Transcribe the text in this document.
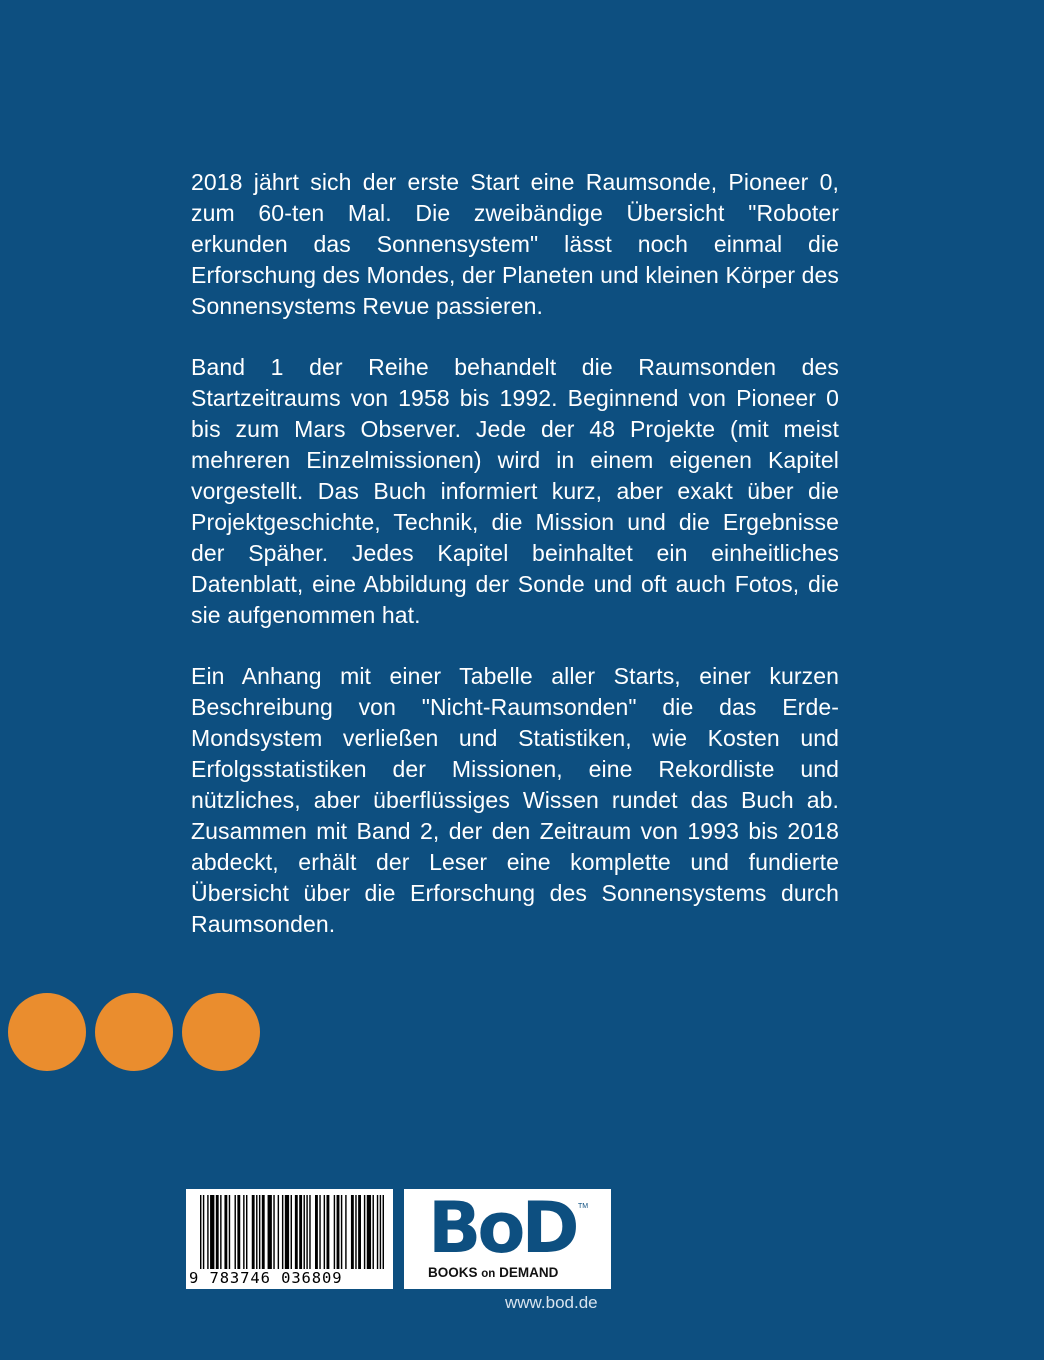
2018 jährt sich der erste Start eine Raumsonde, Pioneer 0, zum 60-ten Mal. Die zweibändige Übersicht "Roboter erkunden das Sonnensystem" lässt noch einmal die Erforschung des Mondes, der Planeten und kleinen Körper des Sonnensystems Revue passieren.

Band 1 der Reihe behandelt die Raumsonden des Startzeitraums von 1958 bis 1992. Beginnend von Pioneer 0 bis zum Mars Observer. Jede der 48 Projekte (mit meist mehreren Einzelmissionen) wird in einem eigenen Kapitel vorgestellt. Das Buch informiert kurz, aber exakt über die Projektgeschichte, Technik, die Mission und die Ergebnisse der Späher. Jedes Kapitel beinhaltet ein einheitliches Datenblatt, eine Abbildung der Sonde und oft auch Fotos, die sie aufgenommen hat.

Ein Anhang mit einer Tabelle aller Starts, einer kurzen Beschreibung von "Nicht-Raumsonden" die das Erde-Mondsystem verließen und Statistiken, wie Kosten und Erfolgsstatistiken der Missionen, eine Rekordliste und nützliches, aber überflüssiges Wissen rundet das Buch ab. Zusammen mit Band 2, der den Zeitraum von 1993 bis 2018 abdeckt, erhält der Leser eine komplette und fundierte Übersicht über die Erforschung des Sonnensystems durch Raumsonden.

9 783746 036809
BoD TM
BOOKS on DEMAND
www.bod.de
